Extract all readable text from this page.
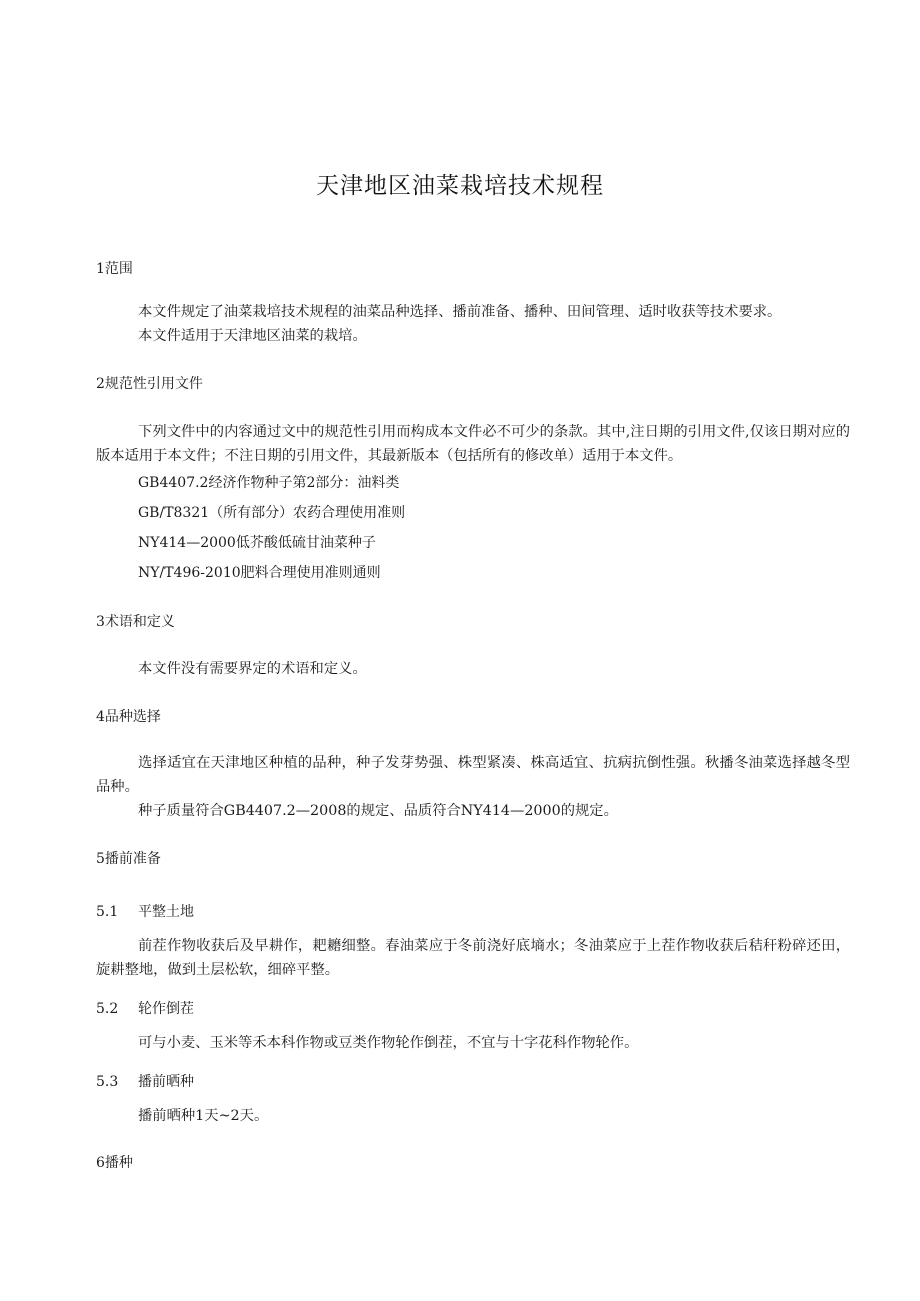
天津地区油菜栽培技术规程
1范围

本文件规定了油菜栽培技术规程的油菜品种选择、播前准备、播种、田间管理、适时收获等技术要求。

本文件适用于天津地区油菜的栽培。

2规范性引用文件

下列文件中的内容通过文中的规范性引用而构成本文件必不可少的条款。其中,注日期的引用文件,仅该日期对应的版本适用于本文件；不注日期的引用文件，其最新版本（包括所有的修改单）适用于本文件。

GB4407.2经济作物种子第2部分：油料类
GB/T8321（所有部分）农药合理使用准则
NY414—2000低芥酸低硫甘油菜种子
NY/T496-2010肥料合理使用准则通则
3术语和定义

本文件没有需要界定的术语和定义。

4品种选择

选择适宜在天津地区种植的品种，种子发芽势强、株型紧凑、株高适宜、抗病抗倒性强。秋播冬油菜选择越冬型品种。

种子质量符合GB4407.2—2008的规定、品质符合NY414—2000的规定。

5播前准备
5.1 平整土地

前茬作物收获后及早耕作，耙耱细整。春油菜应于冬前浇好底墒水；冬油菜应于上茬作物收获后秸秆粉碎还田，旋耕整地，做到土层松软，细碎平整。

5.2 轮作倒茬

可与小麦、玉米等禾本科作物或豆类作物轮作倒茬，不宜与十字花科作物轮作。

5.3 播前晒种

播前晒种1天~2天。

6播种
